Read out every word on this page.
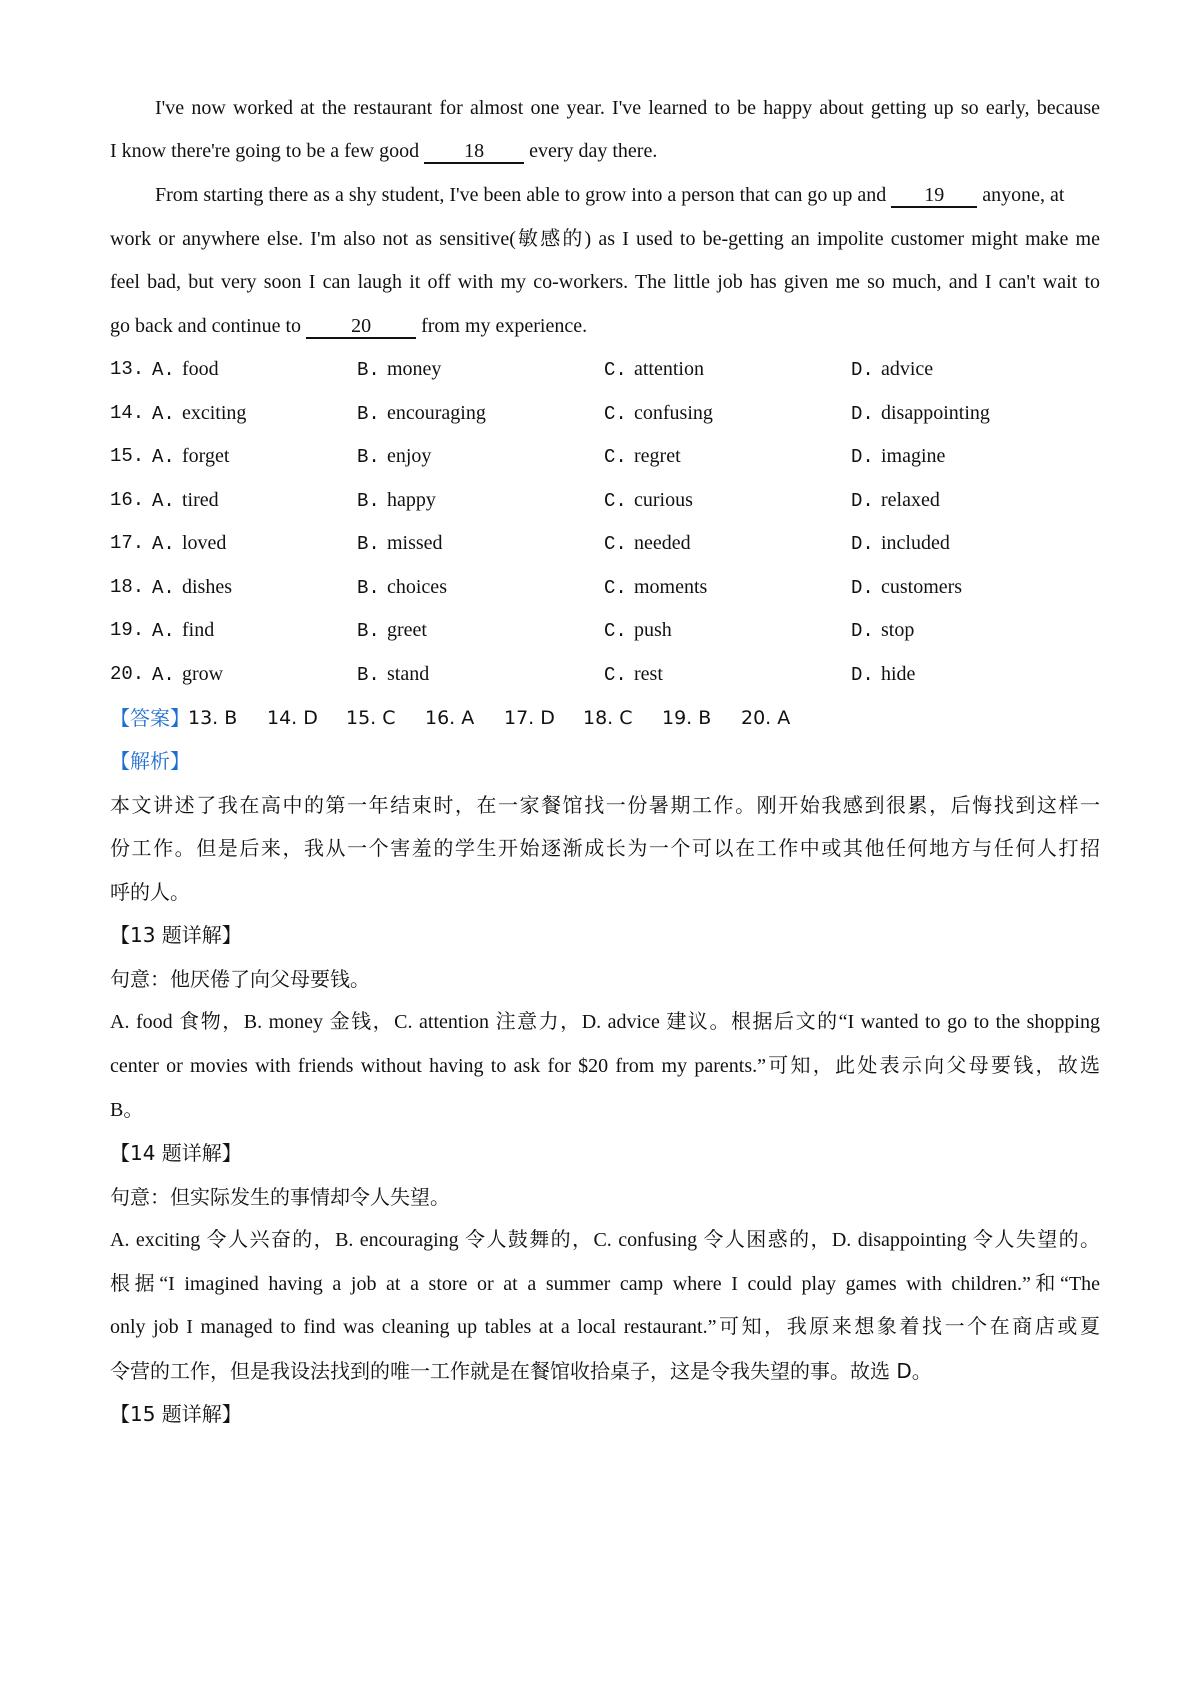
I've now worked at the restaurant for almost one year. I've learned to be happy about getting up so early, because
I know there're going to be a few good 18 every day there.
From starting there as a shy student, I've been able to grow into a person that can go up and 19 anyone, at
work or anywhere else. I'm also not as sensitive(敏感的) as I used to be-getting an impolite customer might make me
feel bad, but very soon I can laugh it off with my co-workers. The little job has given me so much, and I can't wait to
go back and continue to 20 from my experience.
13. A. food	B. money	C. attention	D. advice
14. A. exciting	B. encouraging	C. confusing	D. disappointing
15. A. forget	B. enjoy	C. regret	D. imagine
16. A. tired	B. happy	C. curious	D. relaxed
17. A. loved	B. missed	C. needed	D. included
18. A. dishes	B. choices	C. moments	D. customers
19. A. find	B. greet	C. push	D. stop
20. A. grow	B. stand	C. rest	D. hide
【答案】
13. B 14. D 15. C 16. A 17. D 18. C 19. B 20. A
【解析】
本文讲述了我在高中的第一年结束时，在一家餐馆找一份暑期工作。刚开始我感到很累，后悔找到这样一
份工作。但是后来，我从一个害羞的学生开始逐渐成长为一个可以在工作中或其他任何地方与任何人打招
呼的人。
【13 题详解】
句意：他厌倦了向父母要钱。
A. food 食物，B. money 金钱，C. attention 注意力，D. advice 建议。根据后文的“I wanted to go to the shopping
center or movies with friends without having to ask for $20 from my parents.”可知，此处表示向父母要钱，故选
B。
【14 题详解】
句意：但实际发生的事情却令人失望。
A. exciting 令人兴奋的，B. encouraging 令人鼓舞的，C. confusing 令人困惑的，D. disappointing 令人失望的。
根据“I imagined having a job at a store or at a summer camp where I could play games with children.”和“The
only job I managed to find was cleaning up tables at a local restaurant.”可知，我原来想象着找一个在商店或夏
令营的工作，但是我设法找到的唯一工作就是在餐馆收拾桌子，这是令我失望的事。故选 D。
【15 题详解】
